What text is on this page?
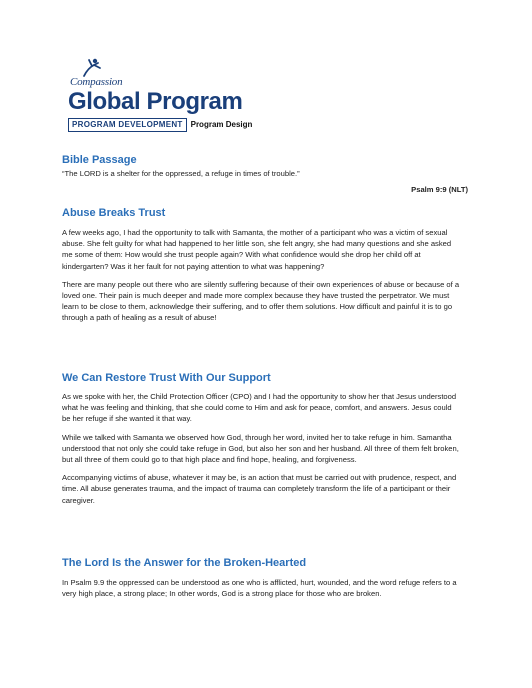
Compassion
Global Program
PROGRAM DEVELOPMENT Program Design
Bible Passage

“The LORD is a shelter for the oppressed, a refuge in times of trouble.”

Psalm 9:9 (NLT)
Abuse Breaks Trust

A few weeks ago, I had the opportunity to talk with Samanta, the mother of a participant who was a victim of sexual abuse. She felt guilty for what had happened to her little son, she felt angry, she had many questions and she asked me some of them: How would she trust people again? With what confidence would she drop her child off at kindergarten? Was it her fault for not paying attention to what was happening?

There are many people out there who are silently suffering because of their own experiences of abuse or because of a loved one. Their pain is much deeper and made more complex because they have trusted the perpetrator. We must learn to be close to them, acknowledge their suffering, and to offer them solutions. How difficult and painful it is to go through a path of healing as a result of abuse!

We Can Restore Trust With Our Support

As we spoke with her, the Child Protection Officer (CPO) and I had the opportunity to show her that Jesus understood what he was feeling and thinking, that she could come to Him and ask for peace, comfort, and answers. Jesus could be her refuge if she wanted it that way.

While we talked with Samanta we observed how God, through her word, invited her to take refuge in him. Samantha understood that not only she could take refuge in God, but also her son and her husband. All three of them felt broken, but all three of them could go to that high place and find hope, healing, and forgiveness.

Accompanying victims of abuse, whatever it may be, is an action that must be carried out with prudence, respect, and time. All abuse generates trauma, and the impact of trauma can completely transform the life of a participant or their caregiver.

The Lord Is the Answer for the Broken-Hearted

In Psalm 9.9 the oppressed can be understood as one who is afflicted, hurt, wounded, and the word refuge refers to a very high place, a strong place; In other words, God is a strong place for those who are broken.
